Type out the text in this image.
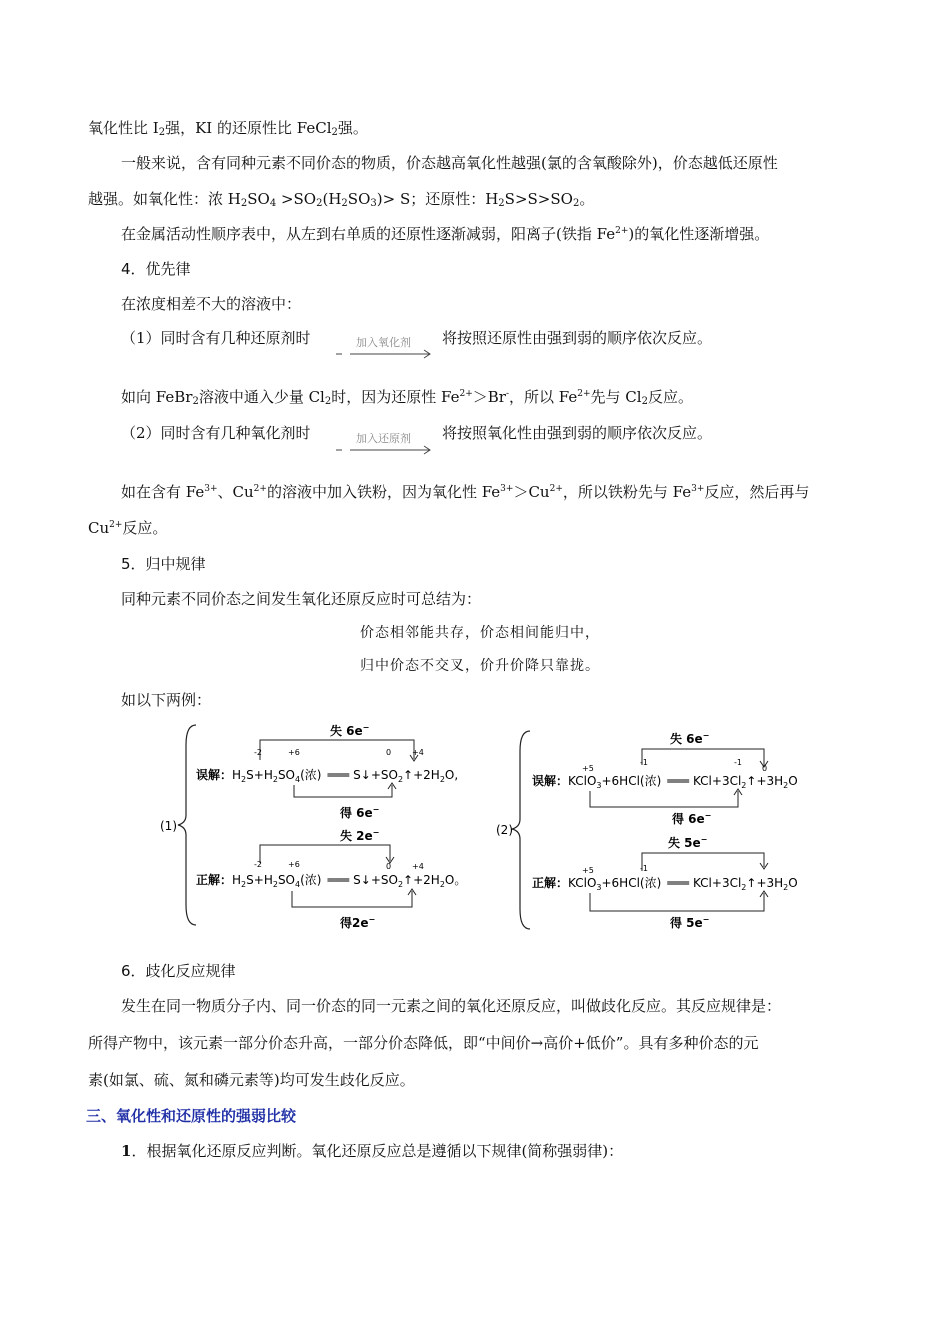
氧化性比 $I_2$强，KI 的还原性比 FeCl$_2$强。
一般来说，含有同种元素不同价态的物质，价态越高氧化性越强(氯的含氧酸除外)，价态越低还原性
越强。如氧化性：浓 $H_2SO_4 >SO_2(H_2SO_3)> S$；还原性：$H_2S>S>SO_2$。
在金属活动性顺序表中，从左到右单质的还原性逐渐减弱，阳离子(铁指 $Fe^{2+}$)的氧化性逐渐增强。
4．优先律
在浓度相差不大的溶液中：
（1）同时含有几种还原剂时	加入氧化剂 将按照还原性由强到弱的顺序依次反应。
如向 FeBr$_2$溶液中通入少量 $Cl_2$时，因为还原性 $Fe^{2+}>Br^-$，所以 $Fe^{2+}$先与 $Cl_2$反应。
（2）同时含有几种氧化剂时	加入还原剂 将按照氧化性由强到弱的顺序依次反应。
如在含有 $Fe^{3+}$、$Cu^{2+}$的溶液中加入铁粉，因为氧化性 $Fe^{3+}>Cu^{2+}$，所以铁粉先与 $Fe^{3+}$反应，然后再与
$Cu^{2+}$反应。
5．归中规律
同种元素不同价态之间发生氧化还原反应时可总结为：
价态相邻能共存，价态相间能归中，
归中价态不交叉，价升价降只靠拢。
如以下两例：
(1)
失 6e−
-2	+6	0	+4
误解：$H_2S+H_2SO_4$(浓) ═══ $S↓+SO_2↑+2H_2O$,
得 6e−
失 2e−
-2	+6	0	+4
正解：$H_2S+H_2SO_4$(浓) ═══ $S↓+SO_2↑+2H_2O$。
得2e−
(2)
失 6e−
+5
-1	-1
0
误解：KClO$_3$+6HCl(浓) ═══ $KCl+3Cl_2↑+3H_2O$
得 6e−
失 5e−
+5	-1
正解：KClO$_3$+6HCl(浓) ═══ $KCl+3Cl_2↑+3H_2O$
得 5e−
6．歧化反应规律
发生在同一物质分子内、同一价态的同一元素之间的氧化还原反应，叫做歧化反应。其反应规律是：
所得产物中，该元素一部分价态升高，一部分价态降低，即“中间价→高价+低价”。具有多种价态的元
素(如氯、硫、氮和磷元素等)均可发生歧化反应。
三、氧化性和还原性的强弱比较
1．根据氧化还原反应判断。氧化还原反应总是遵循以下规律(简称强弱律)：
